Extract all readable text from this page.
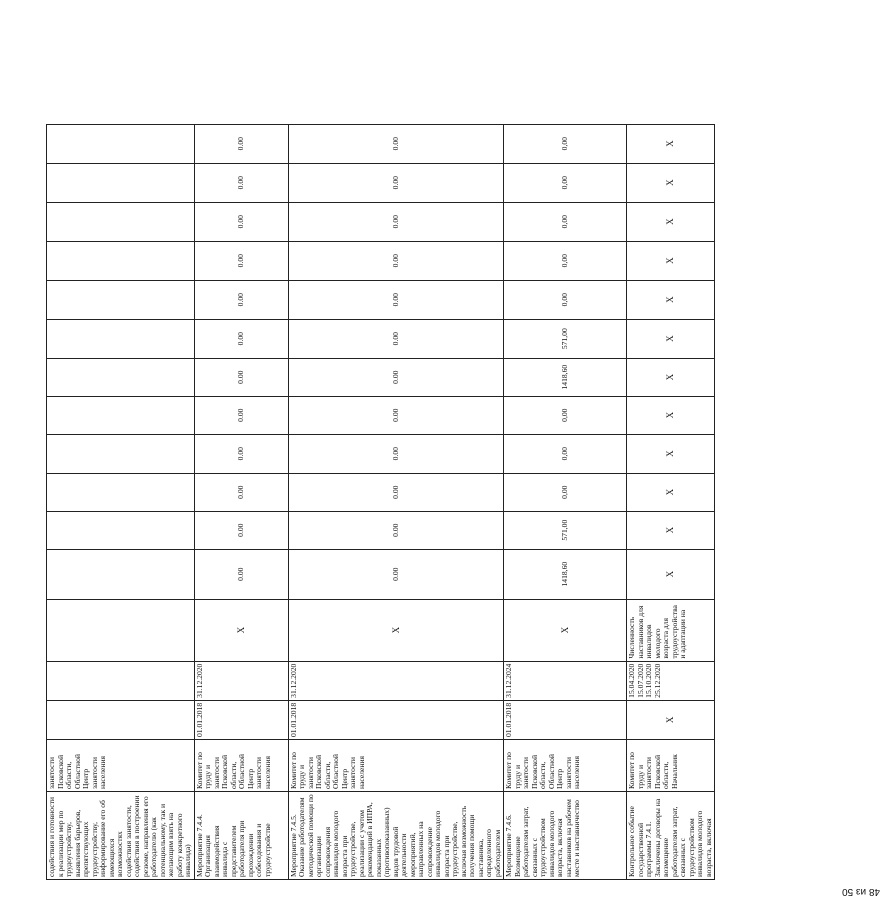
содействия и готовности к реализации мер по трудоустройству, выявления барьеров, препятствующих трудоустройству, информирование его об имеющихся возможностях содействия занятости, содействия в построении резюме, направления его работодателю (как потенциальному, так и желающим взять на работу конкретного инвалида)	занятости Псковской области, Областной Центр занятости населения															
Мероприятие 7.4.4. Организация взаимодействия инвалида с представителем работодателя при прохождении собеседования и трудоустройстве	Комитет по труду и занятости Псковской области, Областной Центр занятости населения	01.01.2018	31.12.2020	X	0.00	0.00	0.00	0.00	0.00	0.00	0.00	0.00	0.00	0.00	0.00	0.00
Мероприятие 7.4.5. Оказание работодателям методической помощи по организации сопровождения инвалидов молодого возраста при трудоустройстве, реализации с учетом рекомендаций в ИПРА, показанных (противопоказанных) видов трудовой деятельности мероприятий, направленных на сопровождение инвалидов молодого возраста при трудоустройстве, включая возможность получения помощи наставника, определенного работодателем	Комитет по труду и занятости Псковской области, Областной Центр занятости населения	01.01.2018	31.12.2020	X	0.00	0.00	0.00	0.00	0.00	0.00	0.00	0.00	0.00	0.00	0.00	0.00
Мероприятие 7.4.6. Возмещение работодателям затрат, связанных с трудоустройством инвалидов молодого возраста, включая наставников на рабочем месте и наставничество	Комитет по труду и занятости Псковской области, Областной Центр занятости населения	01.01.2018	31.12.2024	X	1418,60	571,00	0,00	0,00	0,00	1418,60	571,00	0,00	0,00	0,00	0,00	0,00
Контрольное событие государственной программы 7.4.1. Заключены договоры на возмещение работодателям затрат, связанных с трудоустройством инвалидов молодого возраста, включая	Комитет по труду и занятости Псковской области, Начальник	X	15.04.2020 15.07.2020 15.10.2020 25.12.2020	Численность наставников для инвалидов молодого возраста для трудоустройства и адаптации на	X	X	X	X	X	X	X	X	X	X	X	X
48 из 50
